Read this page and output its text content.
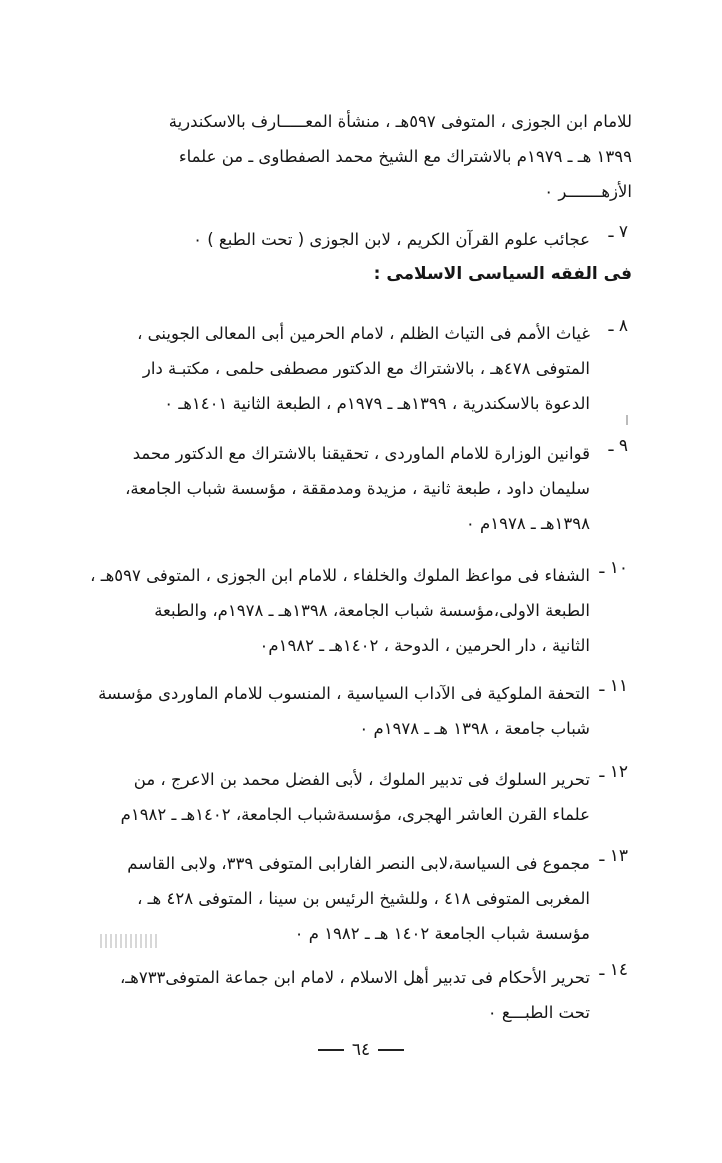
للامام ابن الجوزى ، المتوفى ٥٩٧هـ ، منشأة المعـــــارف بالاسكندرية
١٣٩٩ هـ ـ ١٩٧٩م بالاشتراك مع الشيخ محمد الصفطاوى ـ من علماء
الأزهـــــــر ٠
٧ ـ
عجائب علوم القرآن الكريم ، لابن الجوزى ( تحت الطبع ) ٠
فى الفقه السياسى الاسلامى :
٨ ـ
غياث الأمم فى التياث الظلم ، لامام الحرمين أبى المعالى الجوينى ،
المتوفى ٤٧٨هـ ، بالاشتراك مع الدكتور مصطفى حلمى ، مكتبـة دار
الدعوة بالاسكندرية ، ١٣٩٩هـ ـ ١٩٧٩م ، الطبعة الثانية ١٤٠١هـ ٠
٩ ـ
قوانين الوزارة للامام الماوردى ، تحقيقنا بالاشتراك مع الدكتور محمد
سليمان داود ، طبعة ثانية ، مزيدة ومدمققة ، مؤسسة شباب الجامعة،
١٣٩٨هـ ـ ١٩٧٨م ٠
١٠ ـ
الشفاء فى مواعظ الملوك والخلفاء ، للامام ابن الجوزى ، المتوفى ٥٩٧هـ ،
الطبعة الاولى،مؤسسة شباب الجامعة، ١٣٩٨هـ ـ ١٩٧٨م، والطبعة
الثانية ، دار الحرمين ، الدوحة ، ١٤٠٢هـ ـ ١٩٨٢م٠
١١ ـ
التحفة الملوكية فى الآداب السياسية ، المنسوب للامام الماوردى مؤسسة
شباب جامعة ، ١٣٩٨ هـ ـ ١٩٧٨م ٠
١٢ ـ
تحرير السلوك فى تدبير الملوك ، لأبى الفضل محمد بن الاعرج ، من
علماء القرن العاشر الهجرى، مؤسسةشباب الجامعة، ١٤٠٢هـ ـ ١٩٨٢م
١٣ ـ
مجموع فى السياسة،لابى النصر الفارابى المتوفى ٣٣٩، ولابى القاسم
المغربى المتوفى ٤١٨ ، وللشيخ الرئيس بن سينا ، المتوفى ٤٢٨ هـ ،
مؤسسة شباب الجامعة ١٤٠٢ هـ ـ ١٩٨٢ م ٠
١٤ ـ
تحرير الأحكام فى تدبير أهل الاسلام ، لامام ابن جماعة المتوفى٧٣٣هـ،
تحت الطبـــع ٠
٦٤
